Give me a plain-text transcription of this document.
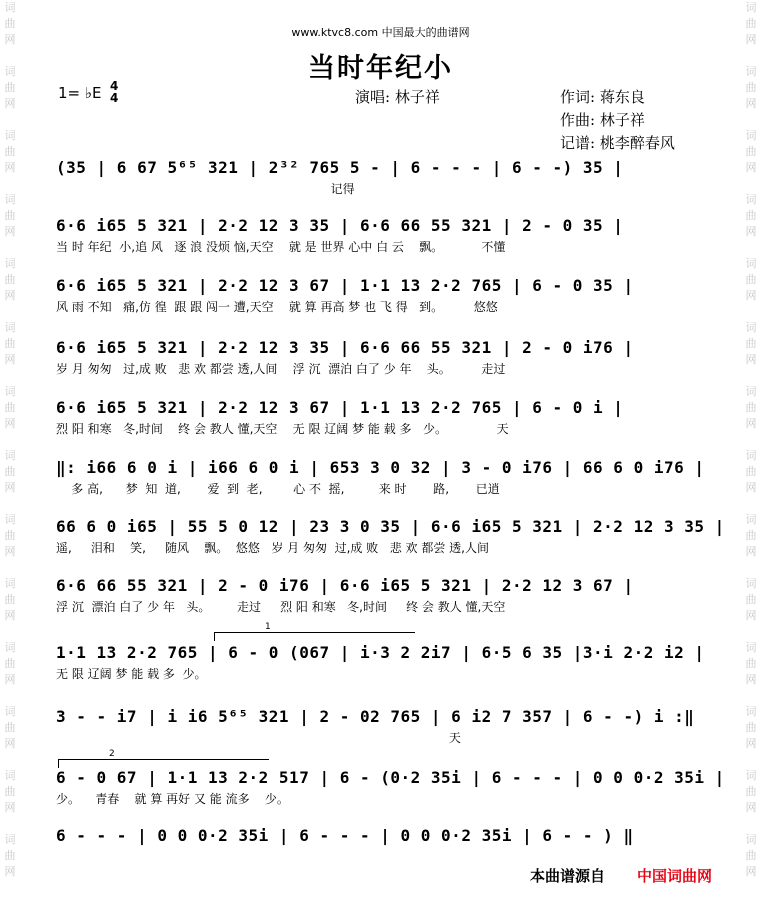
词
曲
网

词
曲
网

词
曲
网

词
曲
网

词
曲
网

词
曲
网

词
曲
网

词
曲
网

词
曲
网

词
曲
网

词
曲
网

词
曲
网

词
曲
网

词
曲
网
词
曲
网

词
曲
网

词
曲
网

词
曲
网

词
曲
网

词
曲
网

词
曲
网

词
曲
网

词
曲
网

词
曲
网

词
曲
网

词
曲
网

词
曲
网

词
曲
网
www.ktvc8.com 中国最大的曲谱网
当时年纪小
1= ♭E 4
4	演唱: 林子祥	作词: 蒋东良
作曲: 林子祥
记谱: 桃李醉春风
(35 | 6 67 5⁶⁵ 321 | 2³² 765 5 - | 6 - - - | 6 - -) 35 |
记得
6·6 i65 5 321 | 2·2 12 3 35 | 6·6 66 55 321 | 2 - 0 35 |
当 时 年纪  小,追 风   逐 浪 没烦 恼,天空    就 是 世界 心中 白 云    飘。          不懂
6·6 i65 5 321 | 2·2 12 3 67 | 1·1 13 2·2 765 | 6 - 0 35 |
风 雨 不知   痛,仿 徨  跟 跟 闯一 遭,天空    就 算 再高 梦 也 飞 得   到。        悠悠
6·6 i65 5 321 | 2·2 12 3 35 | 6·6 66 55 321 | 2 - 0 i76 |
岁 月 匆匆   过,成 败   悲 欢 都尝 透,人间    浮 沉  漂泊 白了 少 年    头。        走过
6·6 i65 5 321 | 2·2 12 3 67 | 1·1 13 2·2 765 | 6 - 0 i |
烈 阳 和寒   冬,时间    终 会 教人 懂,天空    无 限 辽阔 梦 能 载 多   少。             天
‖: i66 6 0 i | i66 6 0 i | 653 3 0 32 | 3 - 0 i76 | 66 6 0 i76 |
多 高,      梦  知  道,       爱  到  老,        心 不  摇,         来 时       路,       已逍
66 6 0 i65 | 55 5 0 12 | 23 3 0 35 | 6·6 i65 5 321 | 2·2 12 3 35 |
遥,     泪和    笑,     随风    飘。  悠悠   岁 月 匆匆  过,成 败   悲 欢 都尝 透,人间
6·6 66 55 321 | 2 - 0 i76 | 6·6 i65 5 321 | 2·2 12 3 67 |
浮 沉  漂泊 白了 少 年   头。       走过     烈 阳 和寒   冬,时间     终 会 教人 懂,天空
1
1·1 13 2·2 765 | 6 - 0 (067 | i·3 2 2i7 | 6·5 6 35 |3·i 2·2 i2 |
无 限 辽阔 梦 能 载 多  少。
3 - - i7 | i i6 5⁶⁵ 321 | 2 - 02 765 | 6 i2 7 357 | 6 - -) i :‖
天
2
6 - 0 67 | 1·1 13 2·2 517 | 6 - (0·2 35i | 6 - - - | 0 0 0·2 35i |
少。    青春    就 算 再好 又 能 流多    少。
6 - - - | 0 0 0·2 35i | 6 - - - | 0 0 0·2 35i | 6 - - ) ‖
本曲谱源自 中国词曲网
